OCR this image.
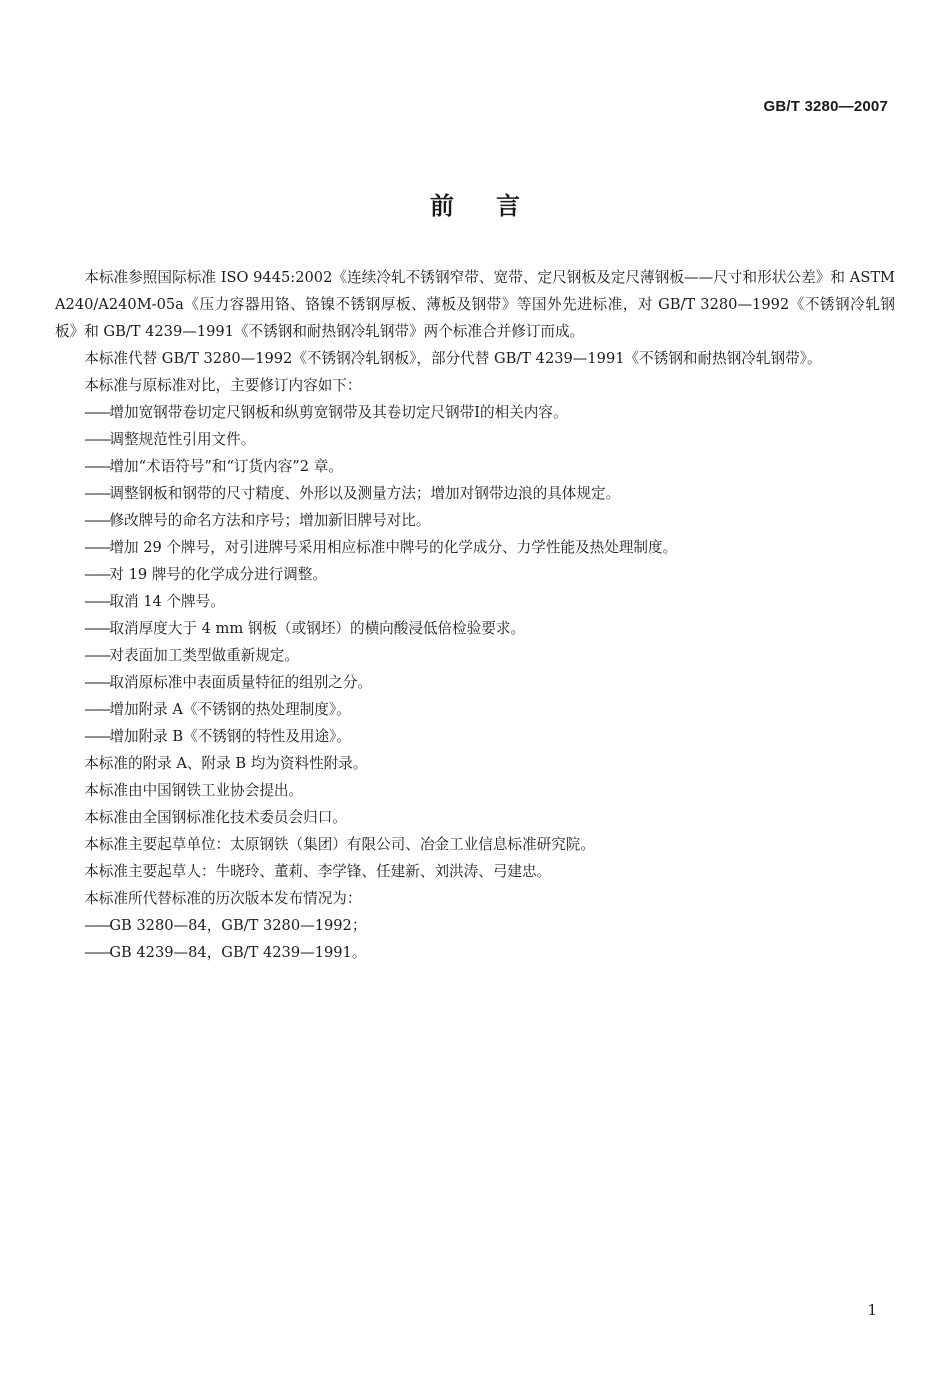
GB/T 3280—2007
前言

本标准参照国际标准 ISO 9445:2002《连续冷轧不锈钢窄带、宽带、定尺钢板及定尺薄钢板——尺寸和形状公差》和 ASTM A240/A240M-05a《压力容器用铬、铬镍不锈钢厚板、薄板及钢带》等国外先进标准，对 GB/T 3280—1992《不锈钢冷轧钢板》和 GB/T 4239—1991《不锈钢和耐热钢冷轧钢带》两个标准合并修订而成。

本标准代替 GB/T 3280—1992《不锈钢冷轧钢板》，部分代替 GB/T 4239—1991《不锈钢和耐热钢冷轧钢带》。

本标准与原标准对比，主要修订内容如下：

——增加宽钢带卷切定尺钢板和纵剪宽钢带及其卷切定尺钢带Ⅰ的相关内容。

——调整规范性引用文件。

——增加“术语符号”和“订货内容”2 章。

——调整钢板和钢带的尺寸精度、外形以及测量方法；增加对钢带边浪的具体规定。

——修改牌号的命名方法和序号；增加新旧牌号对比。

——增加 29 个牌号，对引进牌号采用相应标准中牌号的化学成分、力学性能及热处理制度。

——对 19 牌号的化学成分进行调整。

——取消 14 个牌号。

——取消厚度大于 4 mm 钢板（或钢坯）的横向酸浸低倍检验要求。

——对表面加工类型做重新规定。

——取消原标准中表面质量特征的组别之分。

——增加附录 A《不锈钢的热处理制度》。

——增加附录 B《不锈钢的特性及用途》。

本标准的附录 A、附录 B 均为资料性附录。

本标准由中国钢铁工业协会提出。

本标准由全国钢标准化技术委员会归口。

本标准主要起草单位：太原钢铁（集团）有限公司、冶金工业信息标准研究院。

本标准主要起草人：牛晓玲、董莉、李学锋、任建新、刘洪涛、弓建忠。

本标准所代替标准的历次版本发布情况为：

——GB 3280—84，GB/T 3280—1992；

——GB 4239—84，GB/T 4239—1991。

1
